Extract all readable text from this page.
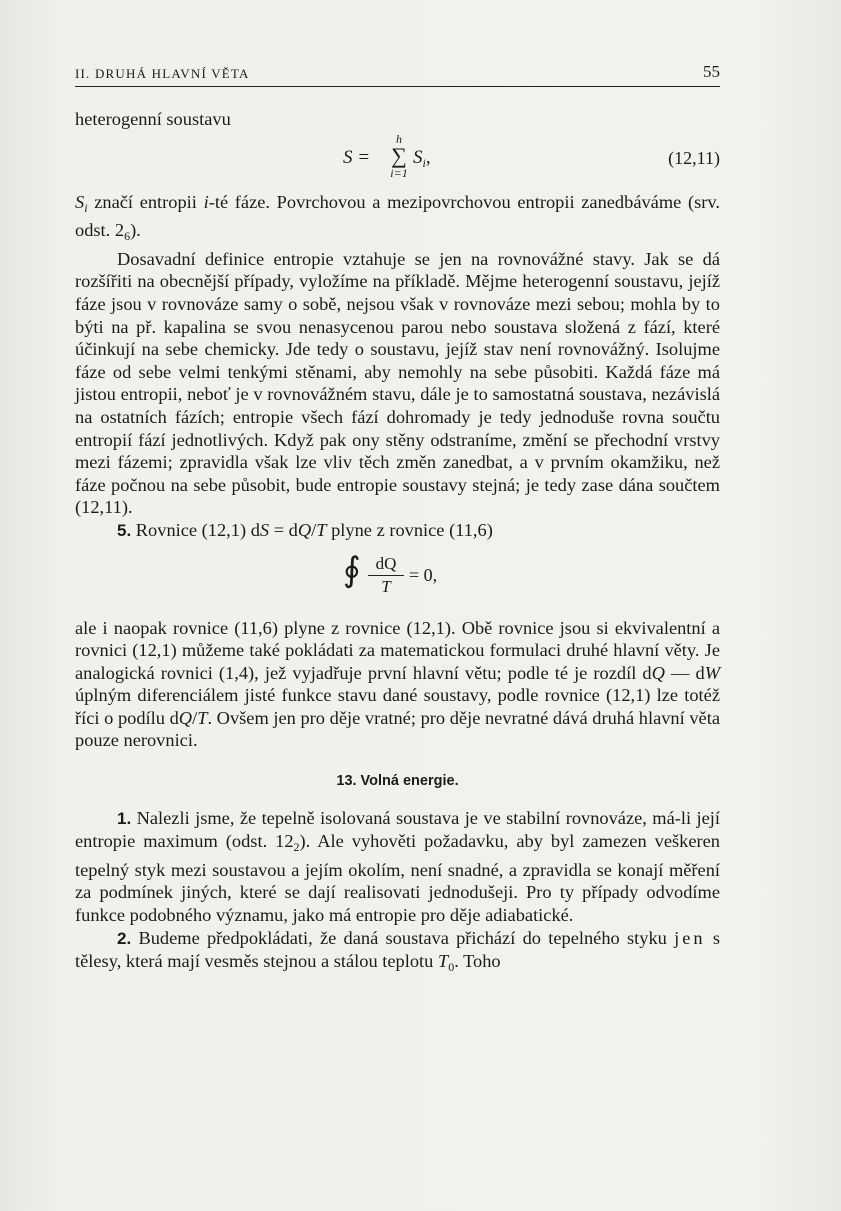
II. DRUHÁ HLAVNÍ VĚTA	55

heterogenní soustavu

S =
h
∑
i=1
$S_i$,	(12,11)

$S_i$ značí entropii i-té fáze. Povrchovou a mezipovrchovou entropii zanedbáváme (srv. odst. $2_6$).

Dosavadní definice entropie vztahuje se jen na rovnovážné stavy. Jak se dá rozšířiti na obecnější případy, vyložíme na příkladě. Mějme heterogenní soustavu, jejíž fáze jsou v rovnováze samy o sobě, nejsou však v rovnováze mezi sebou; mohla by to býti na př. kapalina se svou nenasycenou parou nebo soustava složená z fází, které účinkují na sebe chemicky. Jde tedy o soustavu, jejíž stav není rovnovážný. Isolujme fáze od sebe velmi tenkými stěnami, aby nemohly na sebe působiti. Každá fáze má jistou entropii, neboť je v rovnovážném stavu, dále je to samostatná soustava, nezávislá na ostatních fázích; entropie všech fází dohromady je tedy jednoduše rovna součtu entropií fází jednotlivých. Když pak ony stěny odstraníme, změní se přechodní vrstvy mezi fázemi; zpravidla však lze vliv těch změn zanedbat, a v prvním okamžiku, než fáze počnou na sebe působit, bude entropie soustavy stejná; je tedy zase dána součtem (12,11).

5. Rovnice (12,1) dS = dQ/T plyne z rovnice (11,6)

∮ $\frac{dQ}{T} = 0$,

ale i naopak rovnice (11,6) plyne z rovnice (12,1). Obě rovnice jsou si ekvivalentní a rovnici (12,1) můžeme také pokládati za matematickou formulaci druhé hlavní věty. Je analogická rovnici (1,4), jež vyjadřuje první hlavní větu; podle té je rozdíl dQ — dW úplným diferenciálem jisté funkce stavu dané soustavy, podle rovnice (12,1) lze totéž říci o podílu dQ/T. Ovšem jen pro děje vratné; pro děje nevratné dává druhá hlavní věta pouze nerovnici.

13. Volná energie.

1. Nalezli jsme, že tepelně isolovaná soustava je ve stabilní rovnováze, má-li její entropie maximum (odst. $12_2$). Ale vyhověti požadavku, aby byl zamezen veškeren tepelný styk mezi soustavou a jejím okolím, není snadné, a zpravidla se konají měření za podmínek jiných, které se dají realisovati jednodušeji. Pro ty případy odvodíme funkce podobného významu, jako má entropie pro děje adiabatické.

2. Budeme předpokládati, že daná soustava přichází do tepelného styku jen s tělesy, která mají vesměs stejnou a stálou teplotu $T_0$. Toho
